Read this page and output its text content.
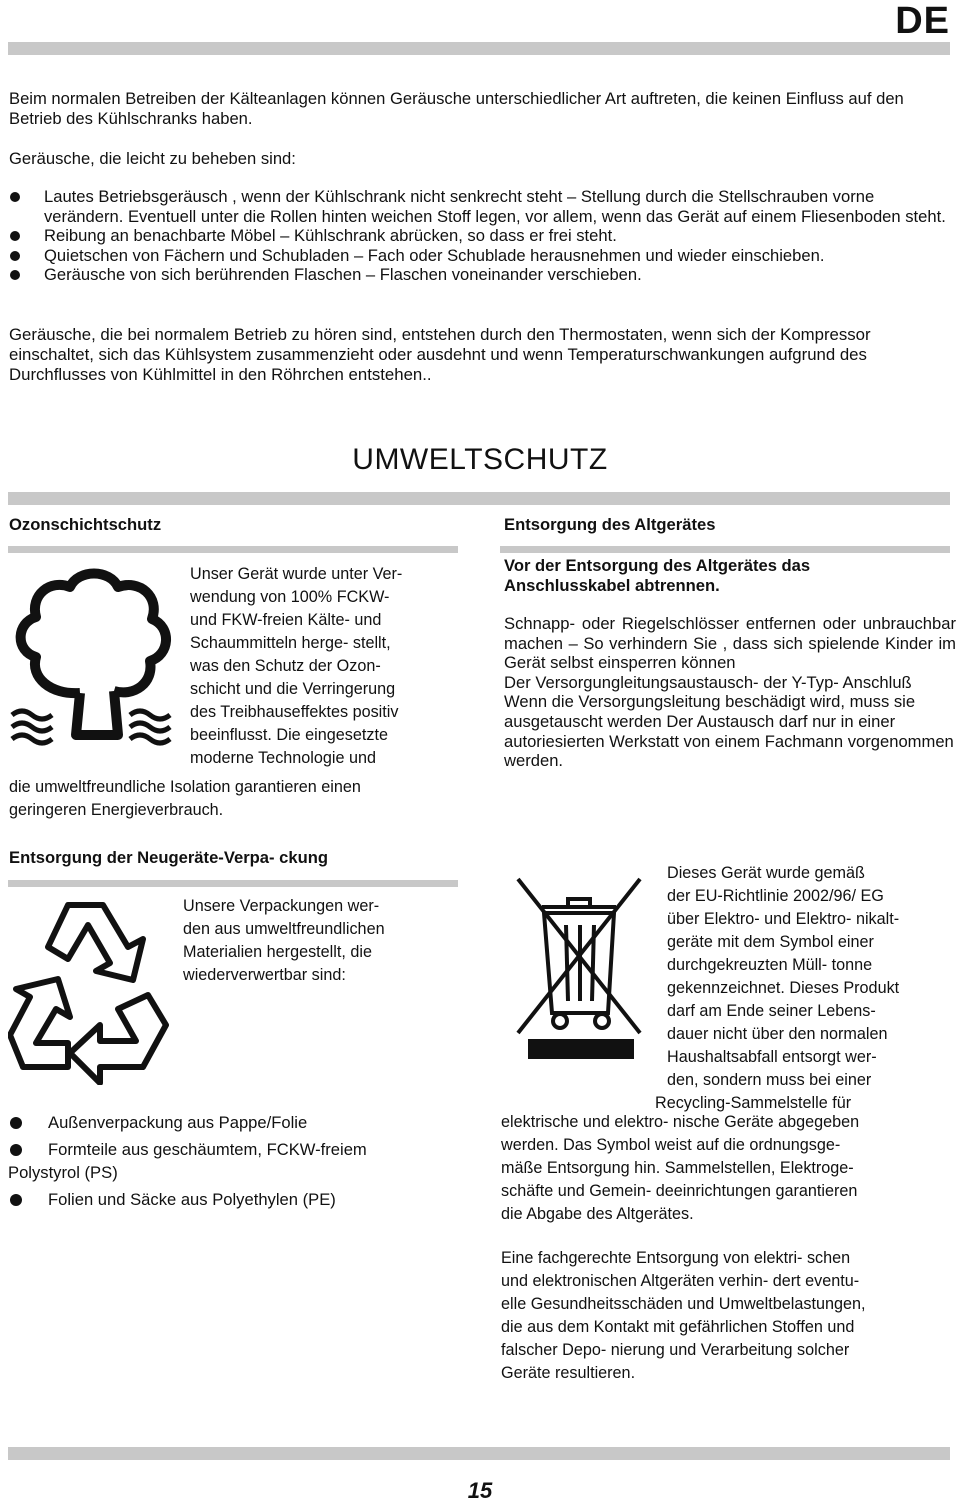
DE

Beim normalen Betreiben der Kälteanlagen können Geräusche unterschiedlicher Art auftreten, die keinen Einfluss auf den Betrieb des Kühlschranks haben.

Geräusche, die leicht zu beheben sind:
Lautes Betriebsgeräusch , wenn der Kühlschrank nicht senkrecht steht – Stellung durch die Stellschrauben vorne verändern. Eventuell unter die Rollen hinten weichen Stoff legen, vor allem, wenn das Gerät auf einem Fliesenboden steht.
Reibung an benachbarte Möbel – Kühlschrank abrücken, so dass er frei steht.
Quietschen von Fächern und Schubladen – Fach oder Schublade herausnehmen und wieder einschieben.
Geräusche von sich berührenden Flaschen – Flaschen voneinander verschieben.

Geräusche, die bei normalem Betrieb zu hören sind, entstehen durch den Thermostaten, wenn sich der Kompressor einschaltet, sich das Kühlsystem zusammenzieht oder ausdehnt und wenn Temperaturschwankungen aufgrund des Durchflusses von Kühlmittel in den Röhrchen entstehen..

UMWELTSCHUTZ
Ozonschichtschutz
Unser Gerät wurde unter Ver-
wendung von 100% FCKW-
und FKW-freien Kälte- und
Schaummitteln herge- stellt,
was den Schutz der Ozon-
schicht und die Verringerung
des Treibhauseffektes positiv
beeinflusst. Die eingesetzte
moderne Technologie und
die umweltfreundliche Isolation garantieren einen
geringeren Energieverbrauch.
Entsorgung der Neugeräte-Verpa- ckung
Unsere Verpackungen wer-
den aus umweltfreundlichen
Materialien hergestellt, die
wiederverwertbar sind:
Außenverpackung aus Pappe/Folie
Formteile aus geschäumtem, FCKW-freiem
Polystyrol (PS)
Folien und Säcke aus Polyethylen (PE)
Entsorgung des Altgerätes
Vor der Entsorgung des Altgerätes das Anschlusskabel abtrennen.
Schnapp- oder Riegelschlösser entfernen oder unbrauchbar machen – So verhindern Sie , dass sich spielende Kinder im Gerät selbst einsperren können
Der Versorgungleitungsaustausch- der Y-Typ- Anschluß
Wenn die Versorgungsleitung beschädigt wird, muss sie ausgetauscht werden Der Austausch darf nur in einer autoriesierten Werkstatt von einem Fachmann vorgenommen werden.
Dieses Gerät wurde gemäß
der EU-Richtlinie 2002/96/ EG
über Elektro- und Elektro- nikalt-
geräte mit dem Symbol einer
durchgekreuzten Müll- tonne
gekennzeichnet. Dieses Produkt
darf am Ende seiner Lebens-
dauer nicht über den normalen
Haushaltsabfall entsorgt wer-
den, sondern muss bei einer
Recycling-Sammelstelle für
elektrische und elektro- nische Geräte abgegeben
werden. Das Symbol weist auf die ordnungsge-
mäße Entsorgung hin. Sammelstellen, Elektroge-
schäfte und Gemein- deeinrichtungen garantieren
die Abgabe des Altgerätes.
Eine fachgerechte Entsorgung von elektri- schen
und elektronischen Altgeräten verhin- dert eventu-
elle Gesundheitsschäden und Umweltbelastungen,
die aus dem Kontakt mit gefährlichen Stoffen und
falscher Depo- nierung und Verarbeitung solcher
Geräte resultieren.
15
